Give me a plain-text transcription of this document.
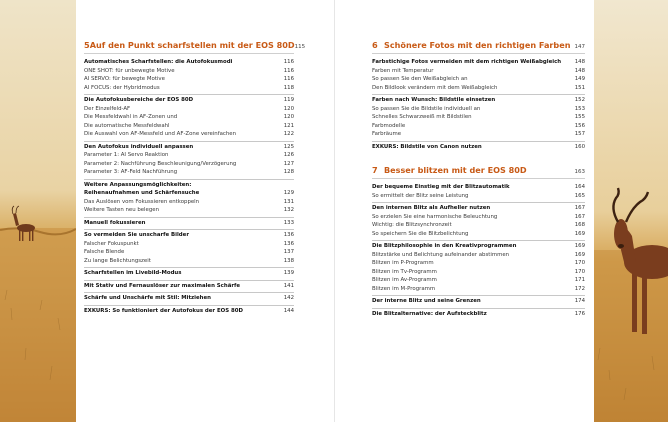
5 Auf den Punkt scharfstellen mit der EOS 80D 115
Automatisches Scharfstellen: die Autofokusmodi	116
ONE SHOT: für unbewegte Motive	116
AI SERVO: für bewegte Motive	116
AI FOCUS: der Hybridmodus	118
Die Autofokusbereiche der EOS 80D	119
Der Einzelfeld-AF	120
Die Messfeldwahl in AF-Zonen und	120
Die automatische Messfeldwahl	121
Die Auswahl von AF-Messfeld und AF-Zone vereinfachen	122
Den Autofokus individuell anpassen	125
Parameter 1: AI Servo Reaktion	126
Parameter 2: Nachführung Beschleunigung/Verzögerung	127
Parameter 3: AF-Feld Nachführung	128
Weitere Anpassungsmöglichkeiten:
Reihenaufnahmen und Schärfensuche	129
Das Auslösen vom Fokussieren entkoppeln	131
Weitere Tasten neu belegen	132
Manuell fokussieren	133
So vermeiden Sie unscharfe Bilder	136
Falscher Fokuspunkt	136
Falsche Blende	137
Zu lange Belichtungszeit	138
Scharfstellen im Livebild-Modus	139
Mit Stativ und Fernauslöser zur maximalen Schärfe	141
Schärfe und Unschärfe mit Stil: Mitziehen	142
EXKURS: So funktioniert der Autofokus der EOS 80D	144
6 Schönere Fotos mit den richtigen Farben 147
Farbstichige Fotos vermeiden mit dem richtigen Weißabgleich	148
Farben mit Temperatur	148
So passen Sie den Weißabgleich an	149
Den Bildlook verändern mit dem Weißabgleich	151
Farben nach Wunsch: Bildstile einsetzen	152
So passen Sie die Bildstile individuell an	153
Schnelles Schwarzweiß mit Bildstilen	155
Farbmodelle	156
Farbräume	157
EXKURS: Bildstile von Canon nutzen	160
7 Besser blitzen mit der EOS 80D	163
Der bequeme Einstieg mit der Blitzautomatik	164
So ermittelt der Blitz seine Leistung	165
Den internen Blitz als Aufheller nutzen	167
So erzielen Sie eine harmonische Beleuchtung	167
Wichtig: die Blitzsynchronzeit	168
So speichern Sie die Blitzbelichtung	169
Die Blitzphilosophie in den Kreativprogrammen	169
Blitzstärke und Belichtung aufeinander abstimmen	169
Blitzen im P-Programm	170
Blitzen im Tv-Programm	170
Blitzen im Av-Programm	171
Blitzen im M-Programm	172
Der interne Blitz und seine Grenzen	174
Die Blitzalternative: der Aufsteckblitz	176
